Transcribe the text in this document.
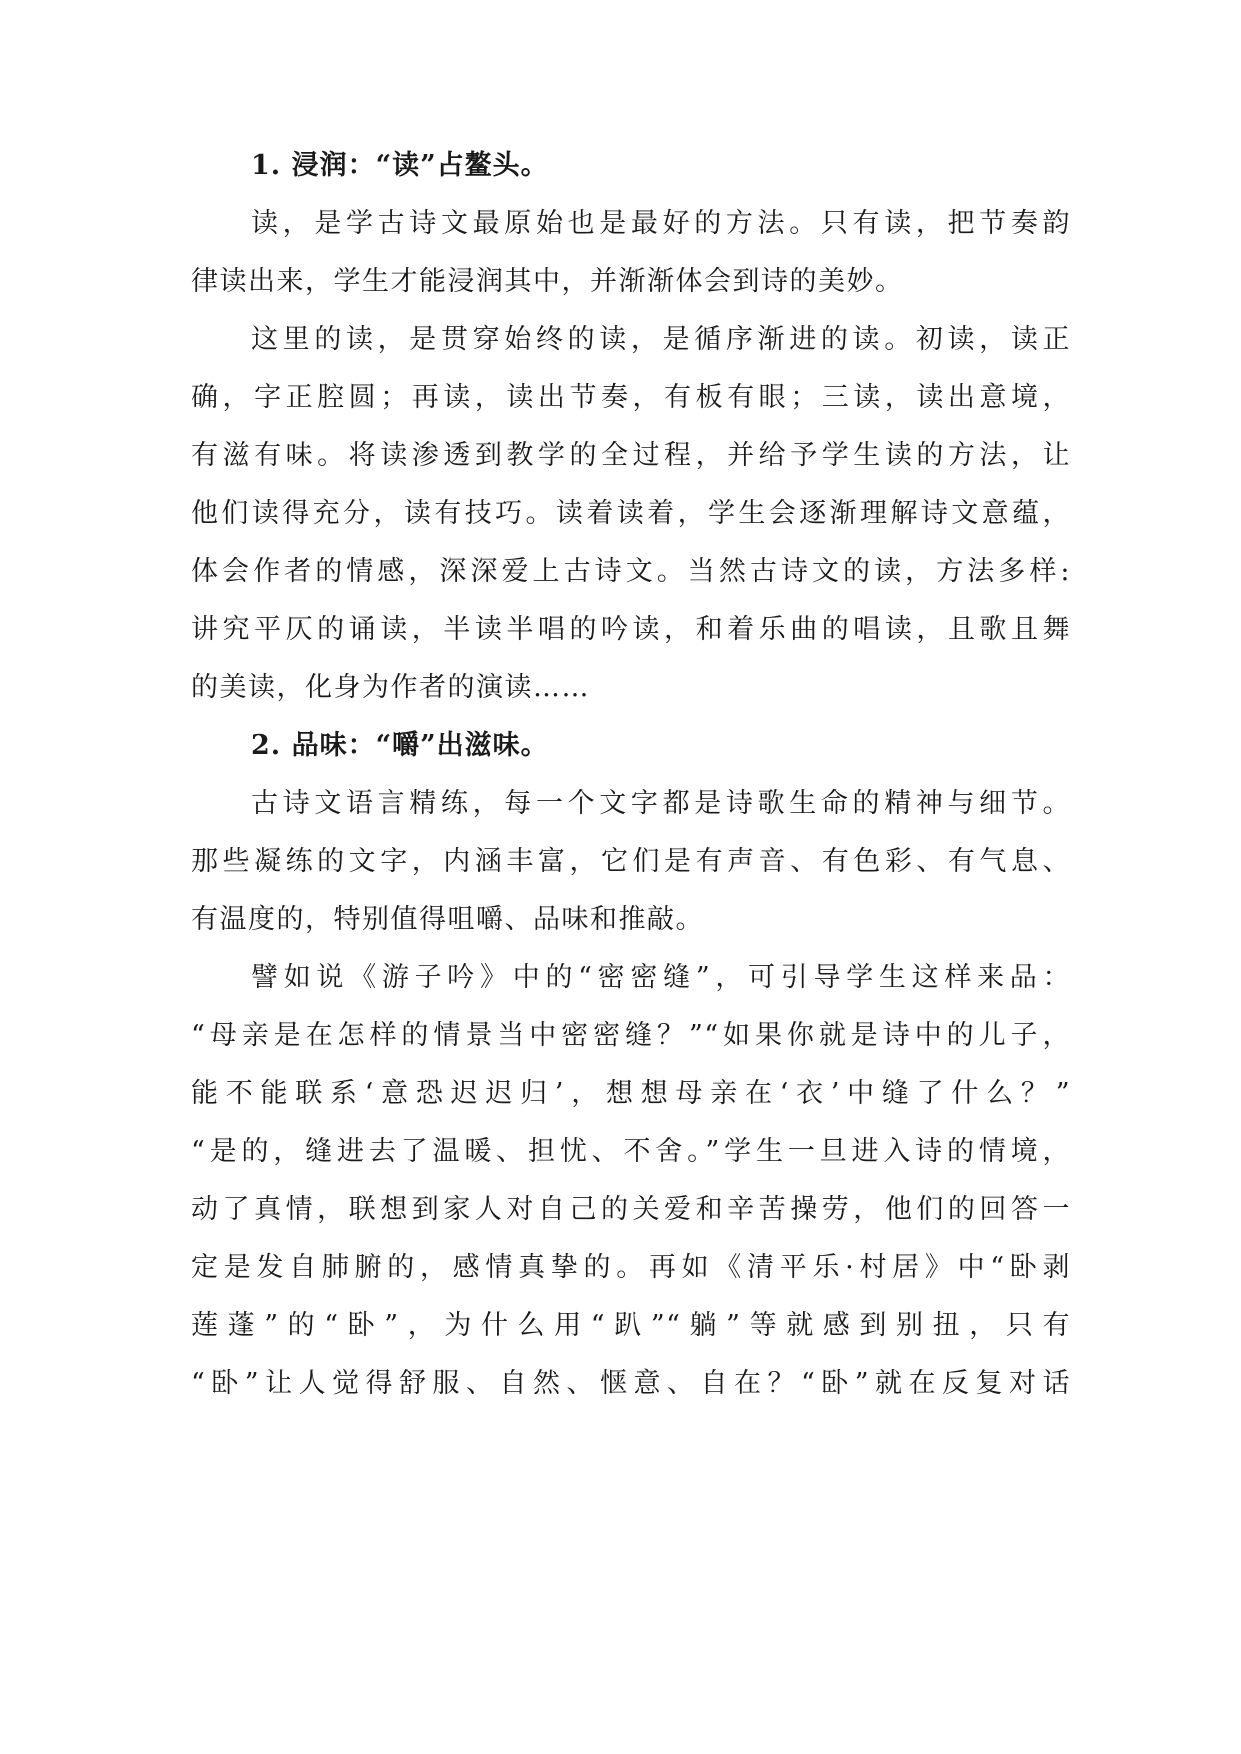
1. 浸润：“读”占鳌头。
读，是学古诗文最原始也是最好的方法。只有读，把节奏韵
律读出来，学生才能浸润其中，并渐渐体会到诗的美妙。
这里的读，是贯穿始终的读，是循序渐进的读。初读，读正
确，字正腔圆；再读，读出节奏，有板有眼；三读，读出意境，
有滋有味。将读渗透到教学的全过程，并给予学生读的方法，让
他们读得充分，读有技巧。读着读着，学生会逐渐理解诗文意蕴，
体会作者的情感，深深爱上古诗文。当然古诗文的读，方法多样:
讲究平仄的诵读，半读半唱的吟读，和着乐曲的唱读，且歌且舞
的美读，化身为作者的演读……
2. 品味：“嚼”出滋味。
古诗文语言精练，每一个文字都是诗歌生命的精神与细节。
那些凝练的文字，内涵丰富，它们是有声音、有色彩、有气息、
有温度的，特别值得咀嚼、品味和推敲。
譬如说《游子吟》中的“密密缝”，可引导学生这样来品：
“母亲是在怎样的情景当中密密缝？”“如果你就是诗中的儿子，
能不能联系‘意恐迟迟归’，想想母亲在‘衣’中缝了什么？”
“是的，缝进去了温暖、担忧、不舍。”学生一旦进入诗的情境，
动了真情，联想到家人对自己的关爱和辛苦操劳，他们的回答一
定是发自肺腑的，感情真挚的。再如《清平乐·村居》中“卧剥
莲蓬”的“卧”，为什么用“趴”“躺”等就感到别扭，只有
“卧”让人觉得舒服、自然、惬意、自在？“卧”就在反复对话
